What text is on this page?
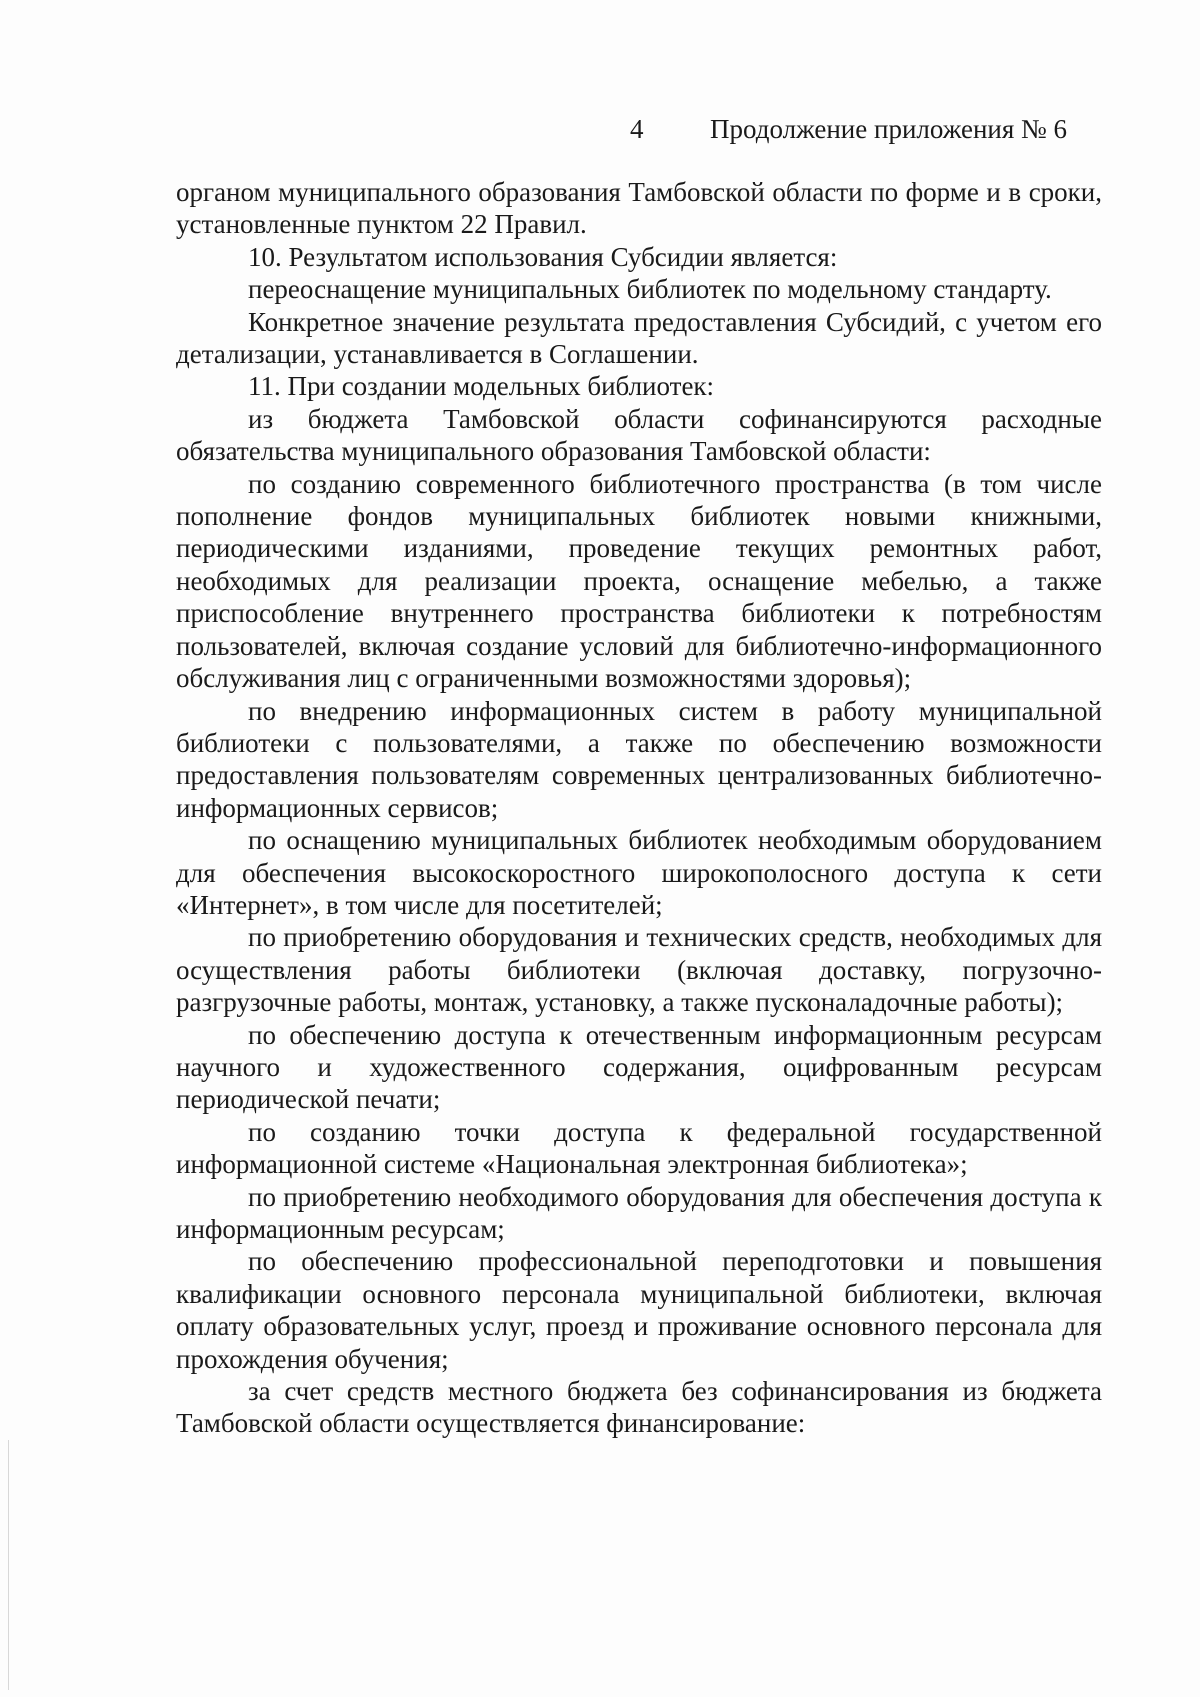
4 Продолжение приложения № 6

органом муниципального образования Тамбовской области по форме и в сроки, установленные пунктом 22 Правил.

10. Результатом использования Субсидии является:

переоснащение муниципальных библиотек по модельному стандарту.

Конкретное значение результата предоставления Субсидий, с учетом его детализации, устанавливается в Соглашении.

11. При создании модельных библиотек:

из бюджета Тамбовской области софинансируются расходные обязательства муниципального образования Тамбовской области:

по созданию современного библиотечного пространства (в том числе пополнение фондов муниципальных библиотек новыми книжными, периодическими изданиями, проведение текущих ремонтных работ, необходимых для реализации проекта, оснащение мебелью, а также приспособление внутреннего пространства библиотеки к потребностям пользователей, включая создание условий для библиотечно-информационного обслуживания лиц с ограниченными возможностями здоровья);

по внедрению информационных систем в работу муниципальной библиотеки с пользователями, а также по обеспечению возможности предоставления пользователям современных централизованных библиотечно-информационных сервисов;

по оснащению муниципальных библиотек необходимым оборудованием для обеспечения высокоскоростного широкополосного доступа к сети «Интернет», в том числе для посетителей;

по приобретению оборудования и технических средств, необходимых для осуществления работы библиотеки (включая доставку, погрузочно-разгрузочные работы, монтаж, установку, а также пусконаладочные работы);

по обеспечению доступа к отечественным информационным ресурсам научного и художественного содержания, оцифрованным ресурсам периодической печати;

по созданию точки доступа к федеральной государственной информационной системе «Национальная электронная библиотека»;

по приобретению необходимого оборудования для обеспечения доступа к информационным ресурсам;

по обеспечению профессиональной переподготовки и повышения квалификации основного персонала муниципальной библиотеки, включая оплату образовательных услуг, проезд и проживание основного персонала для прохождения обучения;

за счет средств местного бюджета без софинансирования из бюджета Тамбовской области осуществляется финансирование:
